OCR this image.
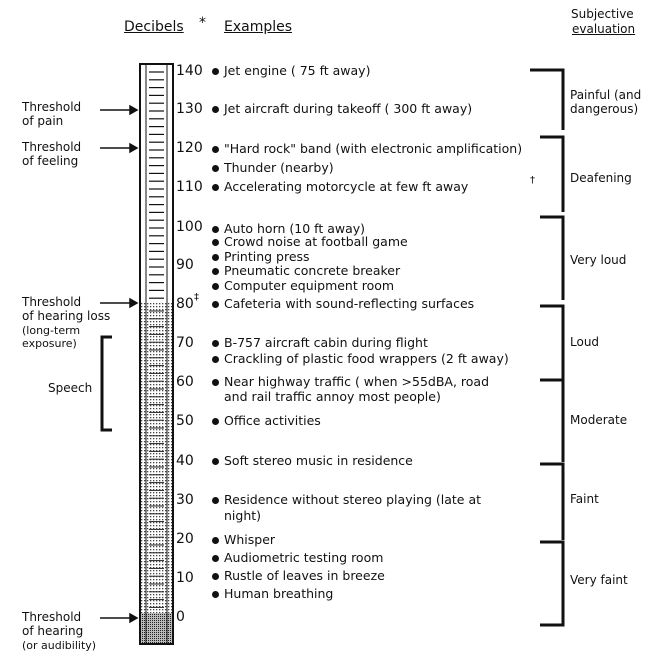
Decibels * Examples
Subjective
evaluation
Threshold
of pain
Threshold
of feeling
Threshold
of hearing loss
(long-term
exposure)
Threshold
of hearing
(or audibility)
Speech
140
130
120
110
100
90
80 ‡
70
60
50
40
30
20
10
0
Jet engine ( 75 ft away)
Jet aircraft during takeoff ( 300 ft away)
"Hard rock" band (with electronic amplification)
Thunder (nearby)
Accelerating motorcycle at few ft away	†
Auto horn (10 ft away)
Crowd noise at football game
Printing press
Pneumatic concrete breaker
Computer equipment room
Cafeteria with sound-reflecting surfaces
B-757 aircraft cabin during flight
Crackling of plastic food wrappers (2 ft away)
Near highway traffic ( when >55dBA, road
and rail traffic annoy most people)
Office activities
Soft stereo music in residence
Residence without stereo playing (late at
night)
Whisper
Audiometric testing room
Rustle of leaves in breeze
Human breathing
Painful (and
dangerous)
Deafening
Very loud
Loud
Moderate
Faint
Very faint
